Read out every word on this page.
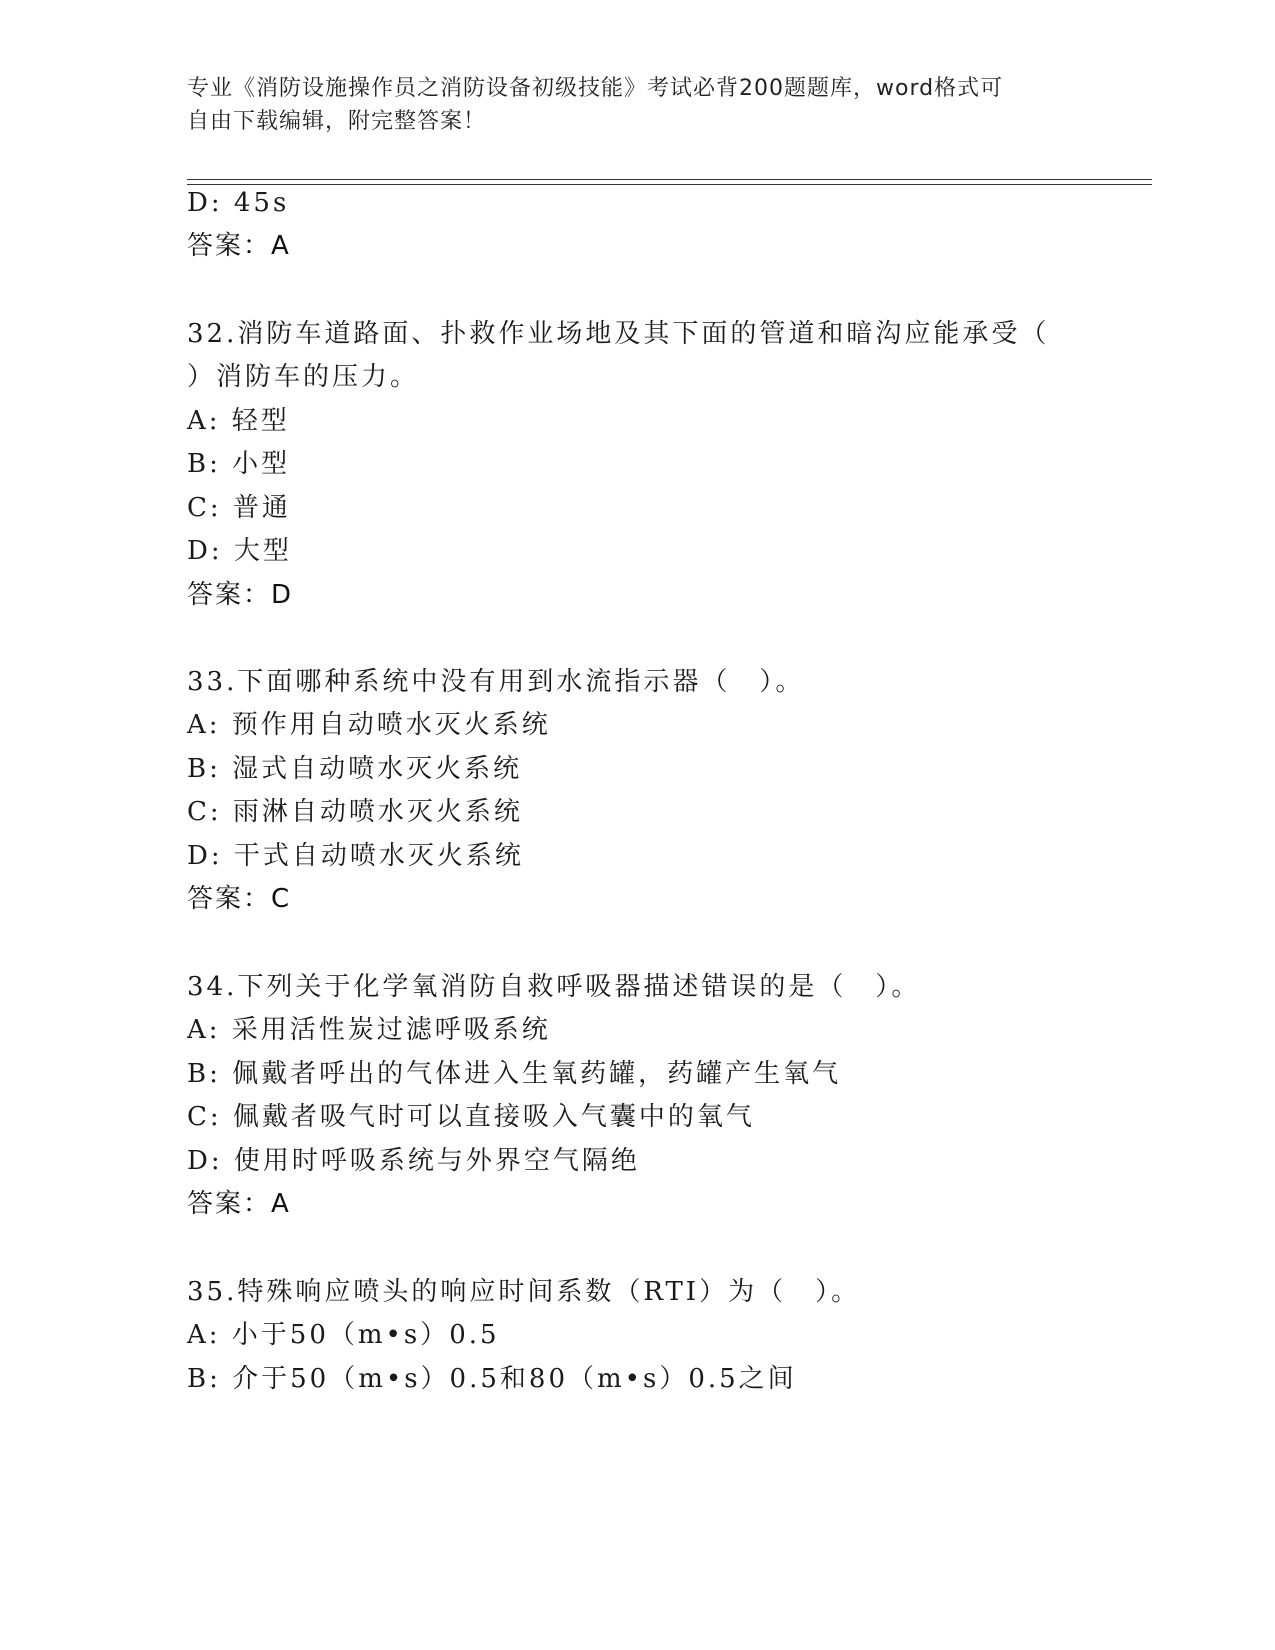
专业《消防设施操作员之消防设备初级技能》考试必背200题题库，word格式可
自由下载编辑，附完整答案！
D: 45s
答案：A
32.消防车道路面、扑救作业场地及其下面的管道和暗沟应能承受（
）消防车的压力。
A: 轻型
B: 小型
C: 普通
D: 大型
答案：D
33.下面哪种系统中没有用到水流指示器（　）。
A: 预作用自动喷水灭火系统
B: 湿式自动喷水灭火系统
C: 雨淋自动喷水灭火系统
D: 干式自动喷水灭火系统
答案：C
34.下列关于化学氧消防自救呼吸器描述错误的是（　）。
A: 采用活性炭过滤呼吸系统
B: 佩戴者呼出的气体进入生氧药罐，药罐产生氧气
C: 佩戴者吸气时可以直接吸入气囊中的氧气
D: 使用时呼吸系统与外界空气隔绝
答案：A
35.特殊响应喷头的响应时间系数（RTI）为（　）。
A: 小于50（m•s）0.5
B: 介于50（m•s）0.5和80（m•s）0.5之间
